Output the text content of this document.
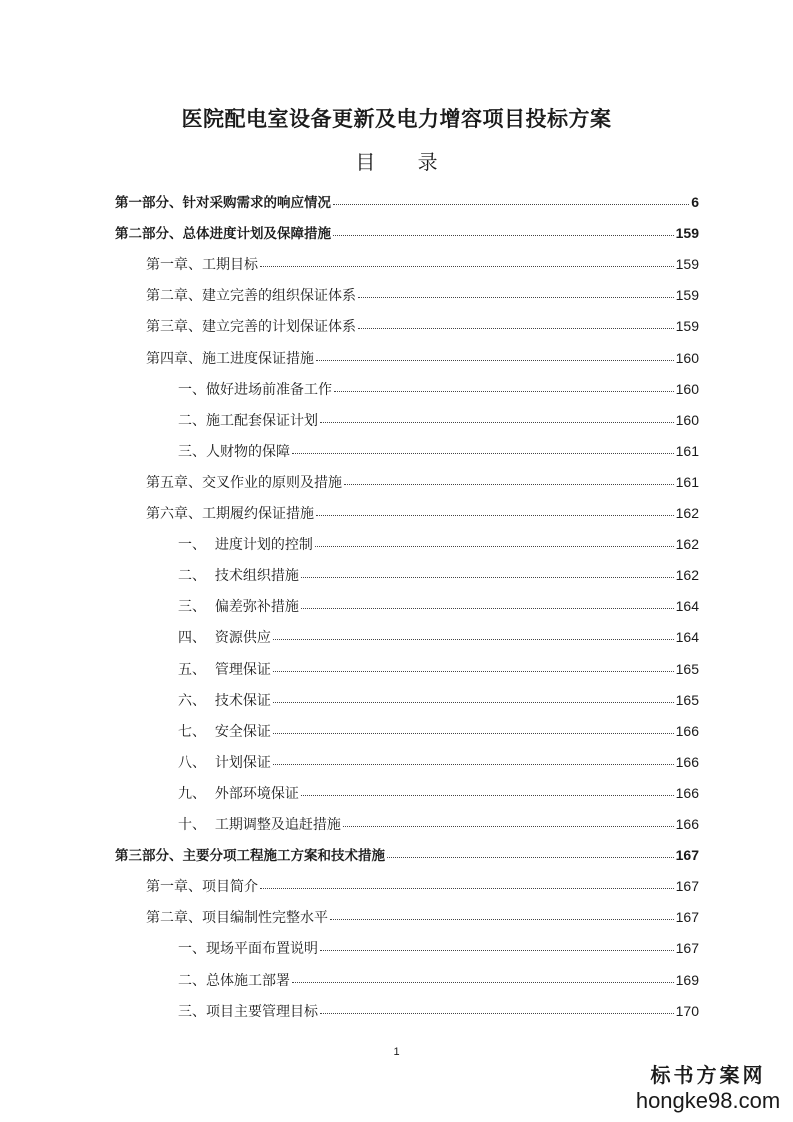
医院配电室设备更新及电力增容项目投标方案
目 录
第一部分、针对采购需求的响应情况	6
第二部分、总体进度计划及保障措施	159
第一章、工期目标	159
第二章、建立完善的组织保证体系	159
第三章、建立完善的计划保证体系	159
第四章、施工进度保证措施	160
一、做好进场前准备工作	160
二、施工配套保证计划	160
三、人财物的保障	161
第五章、交叉作业的原则及措施	161
第六章、工期履约保证措施	162
一、  进度计划的控制	162
二、  技术组织措施	162
三、  偏差弥补措施	164
四、  资源供应	164
五、  管理保证	165
六、  技术保证	165
七、  安全保证	166
八、  计划保证	166
九、  外部环境保证	166
十、  工期调整及追赶措施	166
第三部分、主要分项工程施工方案和技术措施	167
第一章、项目简介	167
第二章、项目编制性完整水平	167
一、现场平面布置说明	167
二、总体施工部署	169
三、项目主要管理目标	170
1
标书方案网
hongke98.com
